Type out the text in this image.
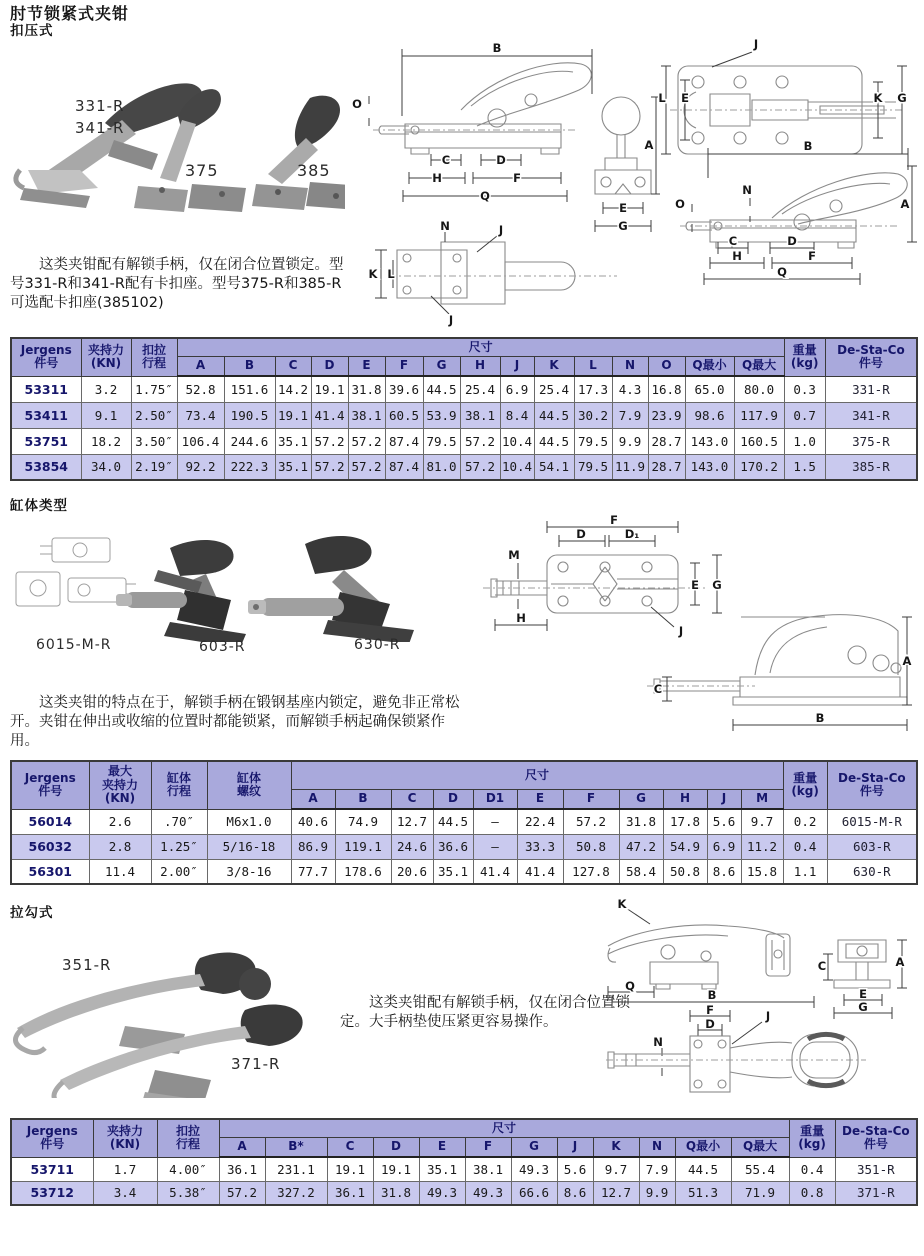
肘节锁紧式夹钳
扣压式
331-R
341-R
375	385
B
O
C	D
H	F
Q
A
E
G
N	J
K L
J
J
L E	K G
B
O
N
A
C	D
H	F
Q
Jergens
件号	夹持力
(KN)	扣拉
行程	尺寸															重量
(kg)	De-Sta-Co
件号
			A	B	C	D	E	F	G	H	J	K	L	N	O	Q最小	Q最大		
53311	3.2	1.75″	52.8	151.6	14.2	19.1	31.8	39.6	44.5	25.4	6.9	25.4	17.3	4.3	16.8	65.0	80.0	0.3	331-R
53411	9.1	2.50″	73.4	190.5	19.1	41.4	38.1	60.5	53.9	38.1	8.4	44.5	30.2	7.9	23.9	98.6	117.9	0.7	341-R
53751	18.2	3.50″	106.4	244.6	35.1	57.2	57.2	87.4	79.5	57.2	10.4	44.5	79.5	9.9	28.7	143.0	160.5	1.0	375-R
53854	34.0	2.19″	92.2	222.3	35.1	57.2	57.2	87.4	81.0	57.2	10.4	54.1	79.5	11.9	28.7	143.0	170.2	1.5	385-R
这类夹钳配有解锁手柄，仅在闭合位置锁定。型号331-R和341-R配有卡扣座。型号375-R和385-R可选配卡扣座(385102)
缸体类型
6015-M-R	603-R	630-R
F
D	D₁
M
E G
H
J
A
C
B
这类夹钳的特点在于，解锁手柄在锻钢基座内锁定，避免非正常松开。夹钳在伸出或收缩的位置时都能锁紧，而解锁手柄起确保锁紧作用。
Jergens
件号	最大
夹持力
(KN)	缸体
行程	缸体
螺纹	尺寸											重量
(kg)	De-Sta-Co
件号
				A	B	C	D	D1	E	F	G	H	J	M		
56014	2.6	.70″	M6x1.0	40.6	74.9	12.7	44.5	–	22.4	57.2	31.8	17.8	5.6	9.7	0.2	6015-M-R
56032	2.8	1.25″	5/16-18	86.9	119.1	24.6	36.6	–	33.3	50.8	47.2	54.9	6.9	11.2	0.4	603-R
56301	11.4	2.00″	3/8-16	77.7	178.6	20.6	35.1	41.4	41.4	127.8	58.4	50.8	8.6	15.8	1.1	630-R
拉勾式
351-R
371-R
这类夹钳配有解锁手柄，仅在闭合位置锁定。大手柄垫使压紧更容易操作。
K
Q
B
C	A
E
G
F
D
J
N
Jergens
件号	夹持力
(KN)	扣拉
行程	尺寸												重量
(kg)	De-Sta-Co
件号
			A	B*	C	D	E	F	G	J	K	N	Q最小	Q最大		
53711	1.7	4.00″	36.1	231.1	19.1	19.1	35.1	38.1	49.3	5.6	9.7	7.9	44.5	55.4	0.4	351-R
53712	3.4	5.38″	57.2	327.2	36.1	31.8	49.3	49.3	66.6	8.6	12.7	9.9	51.3	71.9	0.8	371-R
